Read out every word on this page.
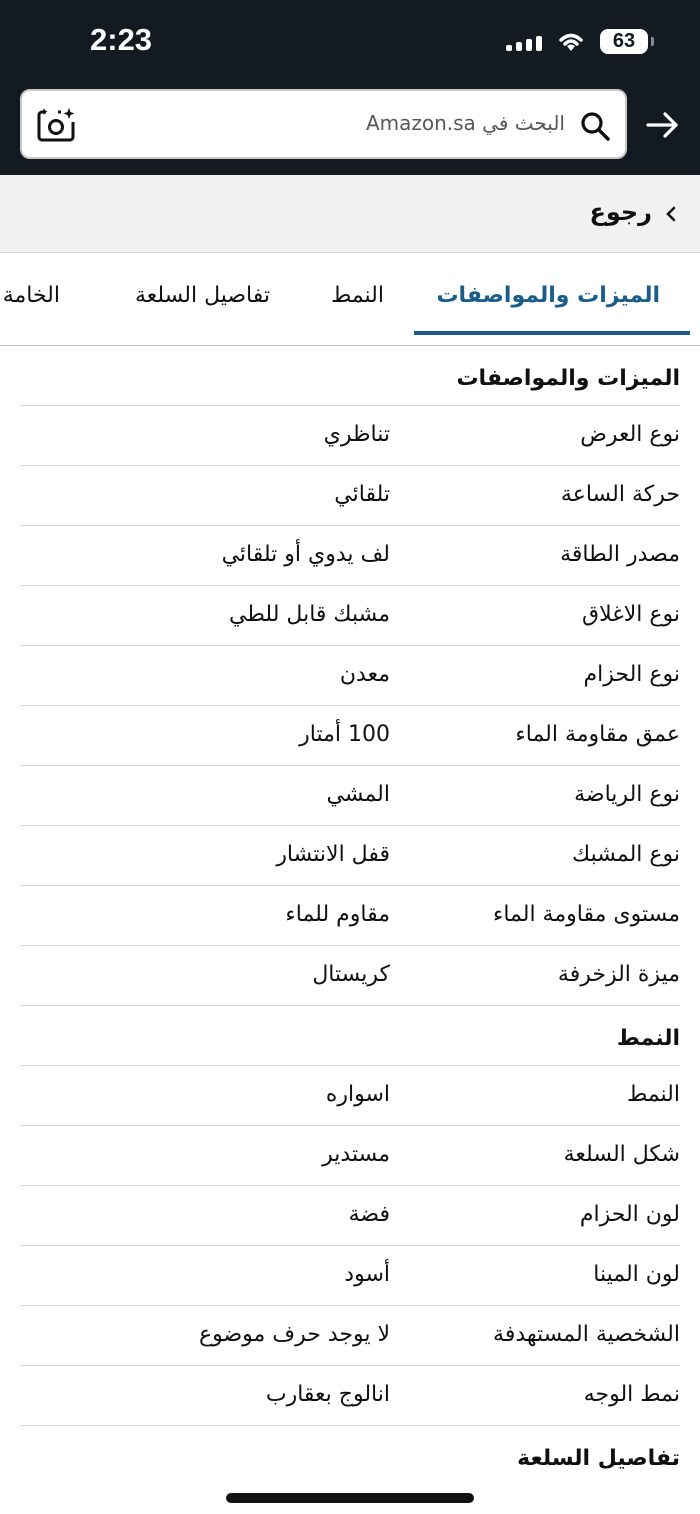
2:23	63
البحث في Amazon.sa
رجوع
الميزات والمواصفات
النمط
تفاصيل السلعة
الخامة
الميزات والمواصفات
نوع العرض
تناظري
حركة الساعة
تلقائي
مصدر الطاقة
لف يدوي أو تلقائي
نوع الاغلاق
مشبك قابل للطي
نوع الحزام
معدن
عمق مقاومة الماء
100 أمتار
نوع الرياضة
المشي
نوع المشبك
قفل الانتشار
مستوى مقاومة الماء
مقاوم للماء
ميزة الزخرفة
كريستال
النمط
النمط
اسواره
شكل السلعة
مستدير
لون الحزام
فضة
لون المينا
أسود
الشخصية المستهدفة
لا يوجد حرف موضوع
نمط الوجه
انالوج بعقارب
تفاصيل السلعة
